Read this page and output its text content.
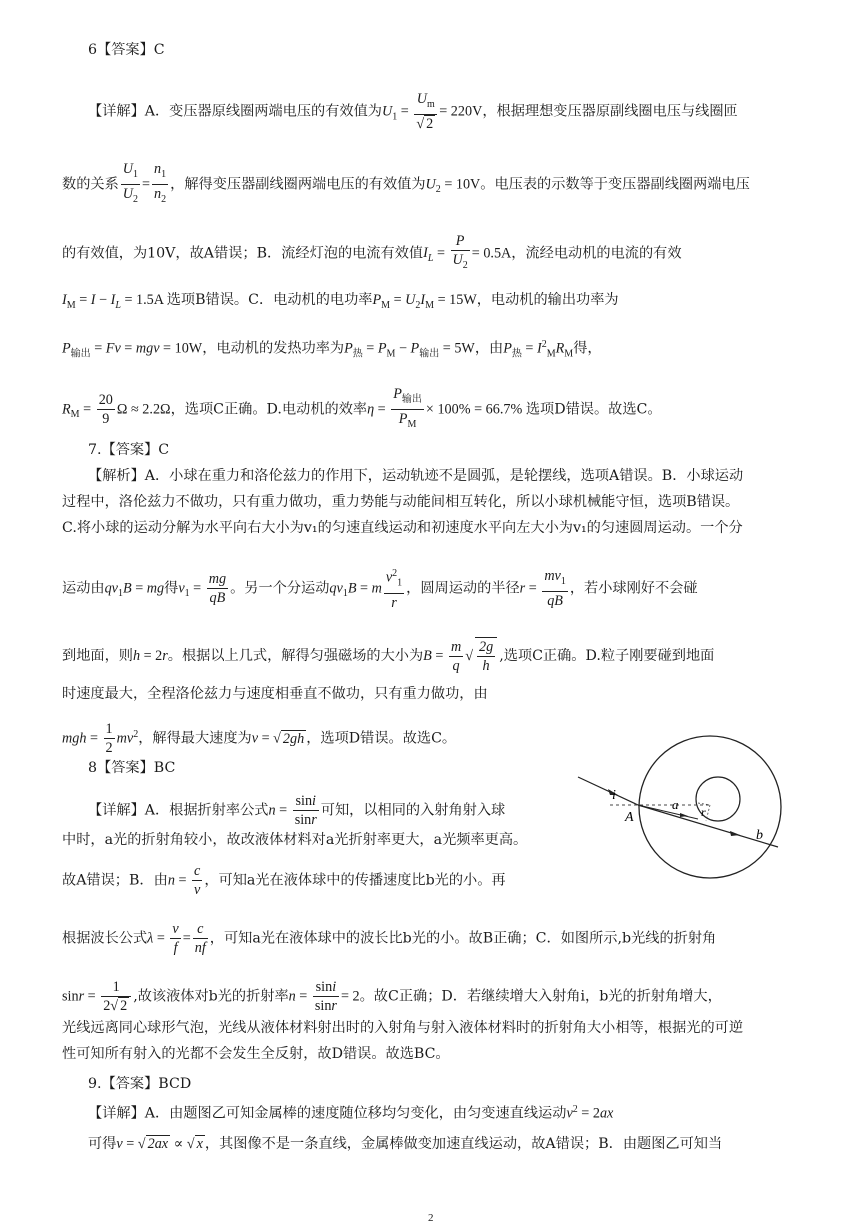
6【答案】C
【详解】A．变压器原线圈两端电压的有效值为$U_1 = \frac{U_m}{√ 2} = 220V$，根据理想变压器原副线圈电压与线圈匝
数的关系 $\frac{U_1}{U_2} = \frac{n_1}{n_2}$ ，解得变压器副线圈两端电压的有效值为$U_2 = 10V$。电压表的示数等于变压器副线圈两端电压
的有效值，为10V，故A错误；B．流经灯泡的电流有效值$I_L = \frac{P}{U_2} = 0.5A$，流经电动机的电流的有效
$I_M = I - I_L = 1.5A$ 选项B错误。C．电动机的电功率$P_M = U_2I_M = 15W$，电动机的输出功率为
$P_{输出} = Fv$ = mgv = 10W，电动机的发热功率为$P_热 = P_M - P_{输出} = 5W$，由$P_热 = I^2_MR_M$得，
$R_M = \frac{20}{9}$ Ω ≈ 2.2Ω，选项C正确。D.电动机的效率η =
$P_{输出}$
$P_M$
× 100% = 66.7% 选项D错误。故选C。
7.【答案】C
【解析】A．小球在重力和洛伦兹力的作用下，运动轨迹不是圆弧，是轮摆线，选项A错误。B．小球运动
过程中，洛伦兹力不做功，只有重力做功，重力势能与动能间相互转化，所以小球机械能守恒，选项B错误。
C.将小球的运动分解为水平向右大小为v₁的匀速直线运动和初速度水平向左大小为v₁的匀速圆周运动。一个分
运动由$qv_1B$ = mg得$v_1 = \frac{mg}{qB}$ 。另一个分运动$qv_1B = m \frac{v^2_1}{r}$ ，圆周运动的半径$r = \frac{mv_1}{qB}$ ，若小球刚好不会碰
到地面，则h = 2r。根据以上几式，解得匀强磁场的大小为$B = \frac{m}{q}$ √ $\frac{2g}{h}$ ,选项C正确。D.粒子刚要碰到地面
时速度最大，全程洛伦兹力与速度相垂直不做功，只有重力做功，由
mgh = $\frac{1}{2} mv^2$，解得最大速度为v = √ 2gh ，选项D错误。故选C。
8【答案】BC
【详解】A．根据折射率公式$n = \frac{\sin i}{\sin r}$ 可知，以相同的入射角射入球
中时，a光的折射角较小，故改液体材料对a光折射率更大，a光频率更高。
故A错误；B．由$n = \frac{c}{v}$ ，可知a光在液体球中的传播速度比b光的小。再
根据波长公式$\lambda = \frac{v}{f} = \frac{c}{nf}$ ，可知a光在液体球中的波长比b光的小。故B正确；C．如图所示,b光线的折射角
$\sin r = \frac{1}{2√ 2}$ ,故该液体对b光的折射率$n = \frac{\sin i}{\sin r} = 2$。故C正确；D．若继续增大入射角i，b光的折射角增大，
光线远离同心球形气泡，光线从液体材料射出时的入射角与射入液体材料时的折射角大小相等，根据光的可逆
性可知所有射入的光都不会发生全反射，故D错误。故选BC。
9.【答案】BCD
【详解】A．由题图乙可知金属棒的速度随位移均匀变化，由匀变速直线运动$v^2 = 2ax$
可得v = √ 2ax ∝ √ x ，其图像不是一条直线，金属棒做变加速直线运动，故A错误；B．由题图乙可知当
i
A
a r
b
2
